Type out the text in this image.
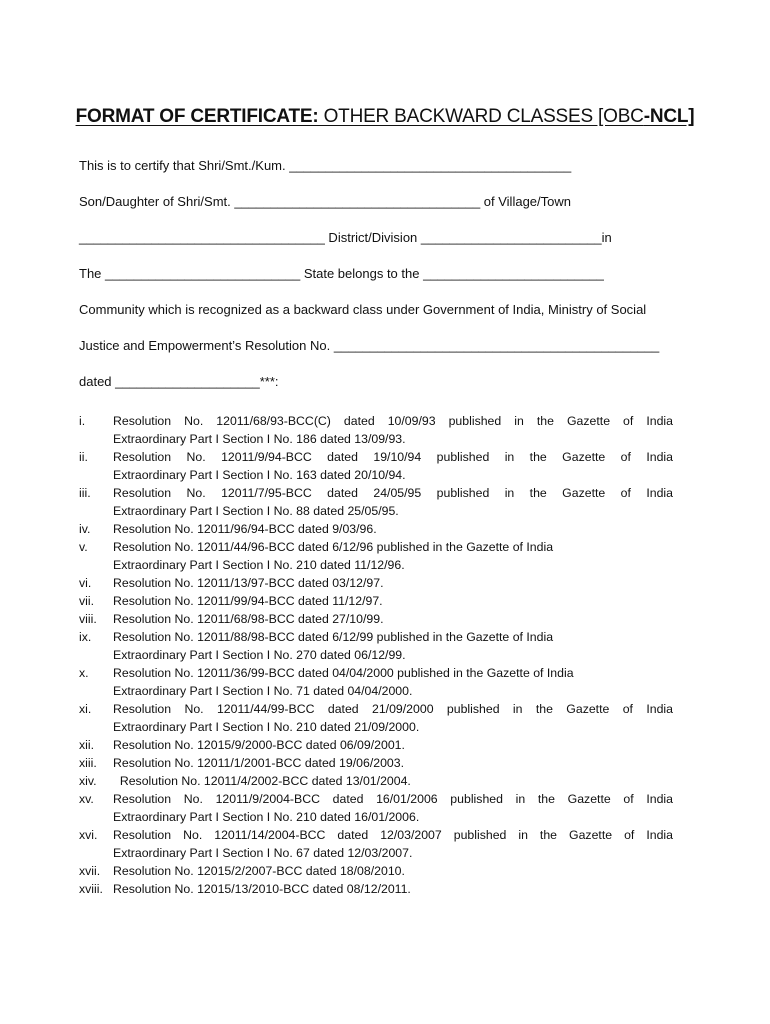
FORMAT OF CERTIFICATE: OTHER BACKWARD CLASSES [OBC-NCL]
This is to certify that Shri/Smt./Kum. _______________________________________
Son/Daughter of Shri/Smt. __________________________________ of Village/Town
__________________________________ District/Division _________________________in
The ___________________________ State belongs to the _________________________
Community which is recognized as a backward class under Government of India, Ministry of Social
Justice and Empowerment’s Resolution No. _____________________________________________
dated ____________________***:
i.	Resolution No. 12011/68/93-BCC(C) dated 10/09/93 published in the Gazette of India
Extraordinary Part I Section I No. 186 dated 13/09/93.
ii.	Resolution No. 12011/9/94-BCC dated 19/10/94 published in the Gazette of India
Extraordinary Part I Section I No. 163 dated 20/10/94.
iii.	Resolution No. 12011/7/95-BCC dated 24/05/95 published in the Gazette of India
Extraordinary Part I Section I No. 88 dated 25/05/95.
iv.	Resolution No. 12011/96/94-BCC dated 9/03/96.
v.	Resolution No. 12011/44/96-BCC dated 6/12/96 published in the Gazette of India
Extraordinary Part I Section I No. 210 dated 11/12/96.
vi.	Resolution No. 12011/13/97-BCC dated 03/12/97.
vii.	Resolution No. 12011/99/94-BCC dated 11/12/97.
viii.	Resolution No. 12011/68/98-BCC dated 27/10/99.
ix.	Resolution No. 12011/88/98-BCC dated 6/12/99 published in the Gazette of India
Extraordinary Part I Section I No. 270 dated 06/12/99.
x.	Resolution No. 12011/36/99-BCC dated 04/04/2000 published in the Gazette of India
Extraordinary Part I Section I No. 71 dated 04/04/2000.
xi.	Resolution No. 12011/44/99-BCC dated 21/09/2000 published in the Gazette of India
Extraordinary Part I Section I No. 210 dated 21/09/2000.
xii.	Resolution No. 12015/9/2000-BCC dated 06/09/2001.
xiii.	Resolution No. 12011/1/2001-BCC dated 19/06/2003.
xiv.	Resolution No. 12011/4/2002-BCC dated 13/01/2004.
xv.	Resolution No. 12011/9/2004-BCC dated 16/01/2006 published in the Gazette of India
Extraordinary Part I Section I No. 210 dated 16/01/2006.
xvi.	Resolution No. 12011/14/2004-BCC dated 12/03/2007 published in the Gazette of India
Extraordinary Part I Section I No. 67 dated 12/03/2007.
xvii.	Resolution No. 12015/2/2007-BCC dated 18/08/2010.
xviii. Resolution No. 12015/13/2010-BCC dated 08/12/2011.
